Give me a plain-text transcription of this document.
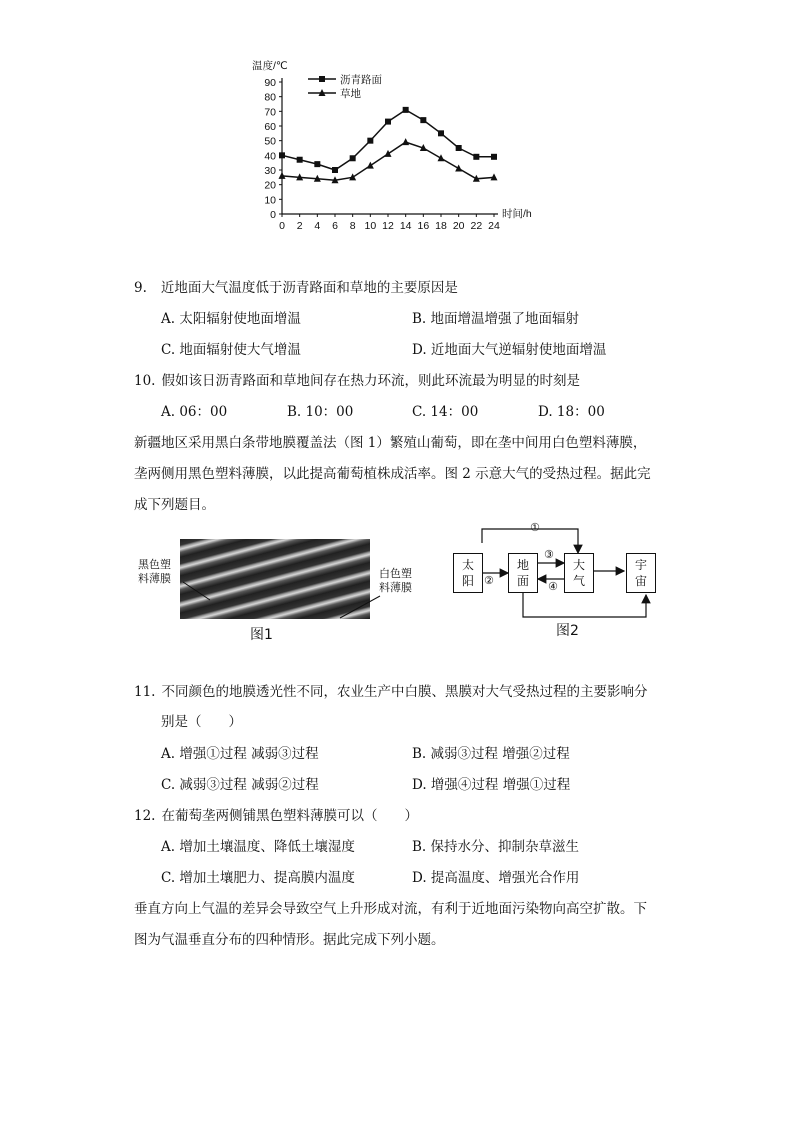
温度/℃
时间/h
0
10
20
30
40
50
60
70
80
90
0 2 4 6 8 10 12 14 16 18 20 22 24
沥青路面
草地
9. 近地面大气温度低于沥青路面和草地的主要原因是
A. 太阳辐射使地面增温	B. 地面增温增强了地面辐射
C. 地面辐射使大气增温	D. 近地面大气逆辐射使地面增温
10. 假如该日沥青路面和草地间存在热力环流，则此环流最为明显的时刻是
A. 06：00	B. 10：00	C. 14：00	D. 18：00
新疆地区采用黑白条带地膜覆盖法（图 1）繁殖山葡萄，即在垄中间用白色塑料薄膜，
垄两侧用黑色塑料薄膜，以此提高葡萄植株成活率。图 2 示意大气的受热过程。据此完
成下列题目。
黑色塑
料薄膜	白色塑
料薄膜
图1
太
阳
地
面
大
气
宇
宙
①
②
③
④
图2
11. 不同颜色的地膜透光性不同，农业生产中白膜、黑膜对大气受热过程的主要影响分
别是（　　）
A. 增强①过程 减弱③过程	B. 减弱③过程 增强②过程
C. 减弱③过程 减弱②过程	D. 增强④过程 增强①过程
12. 在葡萄垄两侧铺黑色塑料薄膜可以（　　）
A. 增加土壤温度、降低土壤湿度	B. 保持水分、抑制杂草滋生
C. 增加土壤肥力、提高膜内温度	D. 提高温度、增强光合作用
垂直方向上气温的差异会导致空气上升形成对流，有利于近地面污染物向高空扩散。下
图为气温垂直分布的四种情形。据此完成下列小题。
